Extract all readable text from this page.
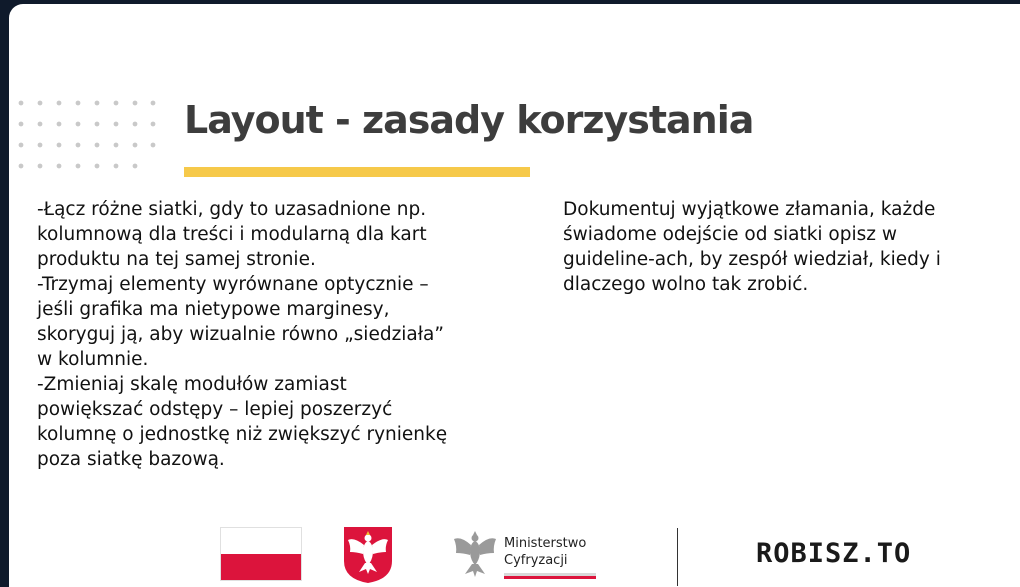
Layout - zasady korzystania

-Łącz różne siatki, gdy to uzasadnione np.
kolumnową dla treści i modularną dla kart
produktu na tej samej stronie.
-Trzymaj elementy wyrównane optycznie –
jeśli grafika ma nietypowe marginesy,
skoryguj ją, aby wizualnie równo „siedziała”
w kolumnie.
-Zmieniaj skalę modułów zamiast
powiększać odstępy – lepiej poszerzyć
kolumnę o jednostkę niż zwiększyć rynienkę
poza siatkę bazową.

Dokumentuj wyjątkowe złamania, każde
świadome odejście od siatki opisz w
guideline-ach, by zespół wiedział, kiedy i
dlaczego wolno tak zrobić.

Ministerstwo
Cyfryzacji	ROBISZ.TO
